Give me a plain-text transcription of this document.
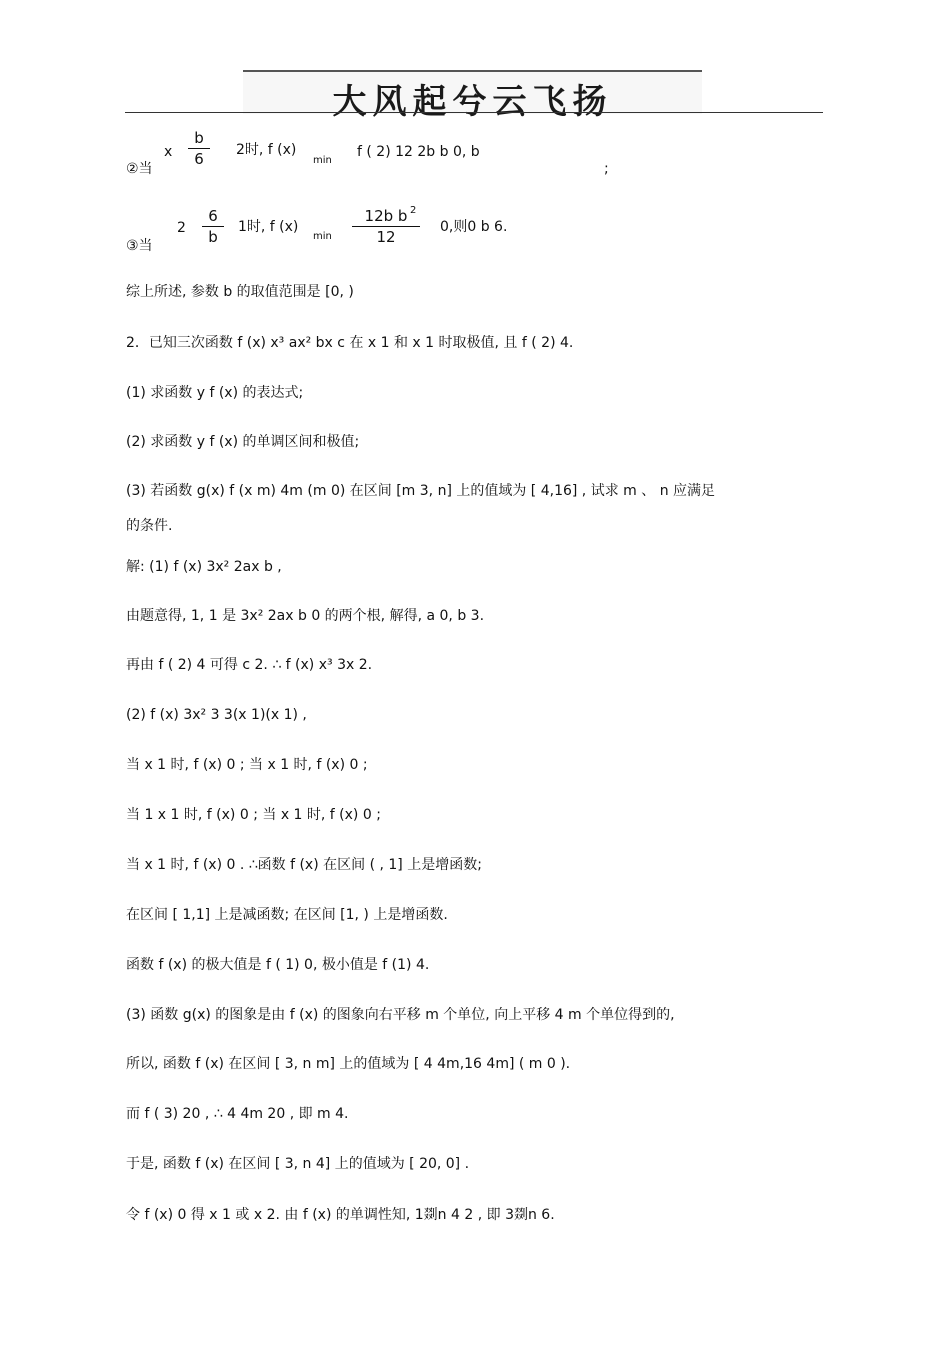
大风起兮云飞扬
②当
x $\frac{b}{6} 2$时, f (x)
min
f ( 2) 12 2b b 0, b
;
③当
$2 \frac{6}{b} 1$时, f (x)
$\min \frac{\text{12b b}}{12}$
2
0,则0 b 6.
综上所述, 参数 b 的取值范围是 [0, )
2．已知三次函数 f (x) x³ ax² bx c 在 x 1 和 x 1 时取极值, 且 f ( 2) 4.
(1) 求函数 y f (x) 的表达式;
(2) 求函数 y f (x) 的单调区间和极值;
(3) 若函数 g(x) f (x m) 4m (m 0) 在区间 [m 3, n] 上的值域为 [ 4,16] , 试求 m 、 n 应满足
的条件.
解: (1) f (x) 3x² 2ax b ,
由题意得, 1, 1 是 3x² 2ax b 0 的两个根, 解得, a 0, b 3.
再由 f ( 2) 4 可得 c 2. ∴ f (x) x³ 3x 2.
(2) f (x) 3x² 3 3(x 1)(x 1) ,
当 x 1 时, f (x) 0 ; 当 x 1 时, f (x) 0 ;
当 1 x 1 时, f (x) 0 ; 当 x 1 时, f (x) 0 ;
当 x 1 时, f (x) 0 . ∴函数 f (x) 在区间 ( , 1] 上是增函数;
在区间 [ 1,1] 上是减函数; 在区间 [1, ) 上是增函数.
函数 f (x) 的极大值是 f ( 1) 0, 极小值是 f (1) 4.
(3) 函数 g(x) 的图象是由 f (x) 的图象向右平移 m 个单位, 向上平移 4 m 个单位得到的,
所以, 函数 f (x) 在区间 [ 3, n m] 上的值域为 [ 4 4m,16 4m] ( m 0 ).
而 f ( 3) 20 , ∴ 4 4m 20 , 即 m 4.
于是, 函数 f (x) 在区间 [ 3, n 4] 上的值域为 [ 20, 0] .
令 f (x) 0 得 x 1 或 x 2. 由 f (x) 的单调性知, 1剟n 4 2 , 即 3剟n 6.
